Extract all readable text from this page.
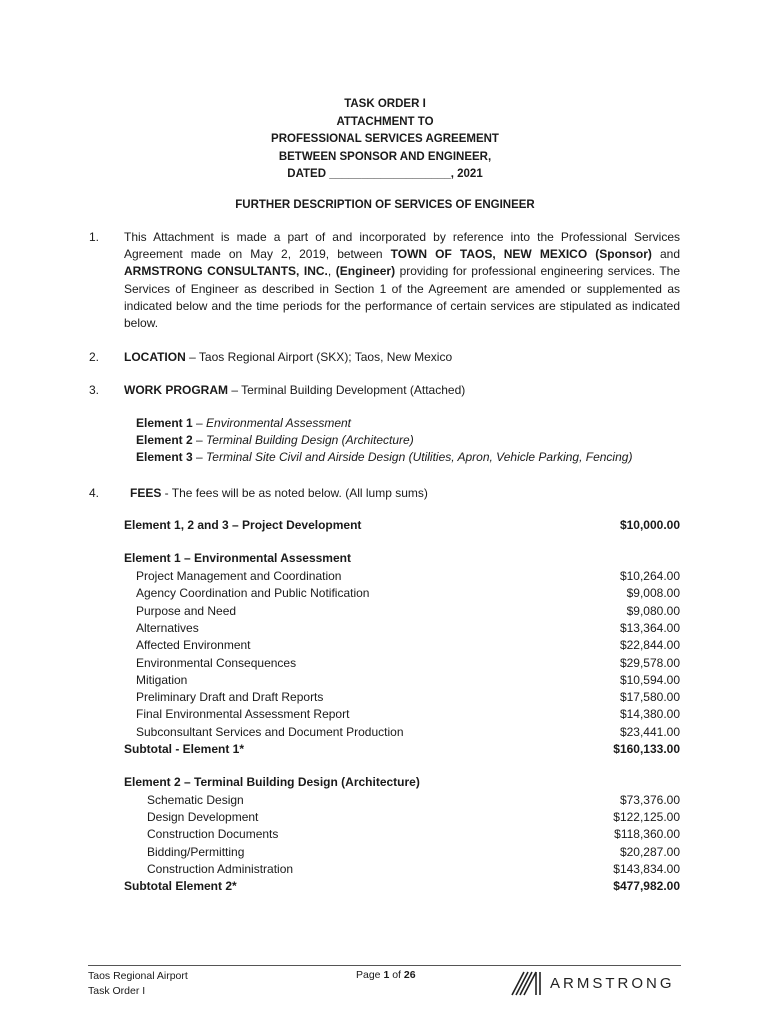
TASK ORDER I
ATTACHMENT TO
PROFESSIONAL SERVICES AGREEMENT
BETWEEN SPONSOR AND ENGINEER,
DATED ___________________, 2021
FURTHER DESCRIPTION OF SERVICES OF ENGINEER
1. This Attachment is made a part of and incorporated by reference into the Professional Services Agreement made on May 2, 2019, between TOWN OF TAOS, NEW MEXICO (Sponsor) and ARMSTRONG CONSULTANTS, INC., (Engineer) providing for professional engineering services. The Services of Engineer as described in Section 1 of the Agreement are amended or supplemented as indicated below and the time periods for the performance of certain services are stipulated as indicated below.
2. LOCATION – Taos Regional Airport (SKX); Taos, New Mexico
3. WORK PROGRAM – Terminal Building Development (Attached)
Element 1 – Environmental Assessment
Element 2 – Terminal Building Design (Architecture)
Element 3 – Terminal Site Civil and Airside Design (Utilities, Apron, Vehicle Parking, Fencing)
4.	FEES - The fees will be as noted below. (All lump sums)
Element 1, 2 and 3 – Project Development	$10,000.00
Element 1 – Environmental Assessment
Project Management and Coordination	$10,264.00
Agency Coordination and Public Notification	$9,008.00
Purpose and Need	$9,080.00
Alternatives	$13,364.00
Affected Environment	$22,844.00
Environmental Consequences	$29,578.00
Mitigation	$10,594.00
Preliminary Draft and Draft Reports	$17,580.00
Final Environmental Assessment Report	$14,380.00
Subconsultant Services and Document Production	$23,441.00
Subtotal - Element 1*	$160,133.00
Element 2 – Terminal Building Design (Architecture)
Schematic Design	$73,376.00
Design Development	$122,125.00
Construction Documents	$118,360.00
Bidding/Permitting	$20,287.00
Construction Administration	$143,834.00
Subtotal Element 2*	$477,982.00
Taos Regional Airport
Task Order I
Page 1 of 26	ARMSTRONG
